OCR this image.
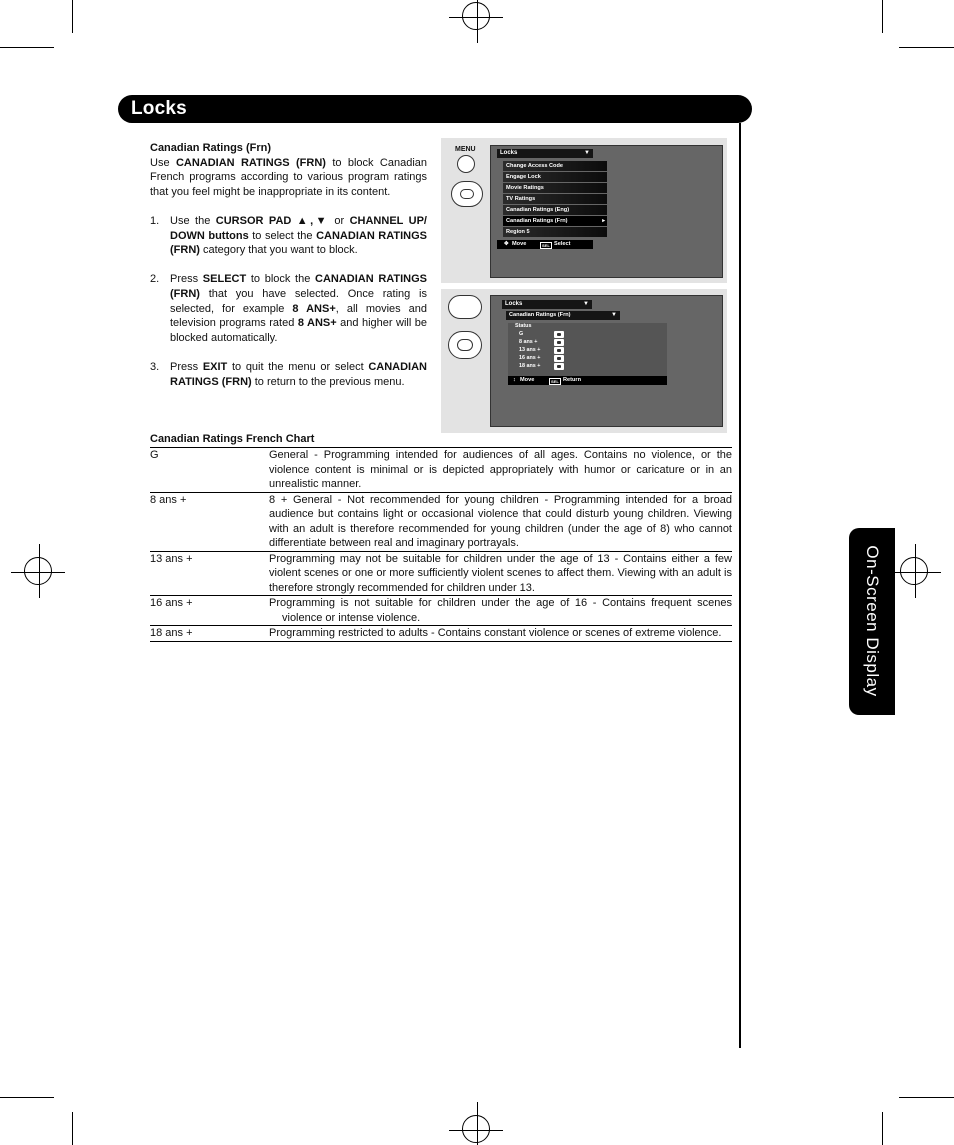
Locks
On-Screen Display
Canadian Ratings (Frn)

Use CANADIAN RATINGS (FRN) to block Canadian French programs according to various program ratings that you feel might be inappropriate in its content.

1. Use the CURSOR PAD ▲,▼ or CHANNEL UP/ DOWN buttons to select the CANADIAN RATINGS (FRN) category that you want to block.
2. Press SELECT to block the CANADIAN RATINGS (FRN) that you have selected. Once rating is selected, for example 8 ANS+, all movies and television programs rated 8 ANS+ and higher will be blocked automatically.
3. Press EXIT to quit the menu or select CANADIAN RATINGS (FRN) to return to the previous menu.
MENU	Locks	▼
Change Access Code
Engage Lock
Movie Ratings
TV Ratings
Canadian Ratings (Eng)
Canadian Ratings (Frn)	▸
Region 5
✥ Move	SEL Select
Locks	▼
Canadian Ratings (Frn)	▼
Status
G
8 ans +
13 ans +
16 ans +
18 ans +
↕ Move	SEL Return
Canadian Ratings French Chart
G	General - Programming intended for audiences of all ages. Contains no violence, or the violence content is minimal or is depicted appropriately with humor or caricature or in an unrealistic manner.
8 ans +	8 + General - Not recommended for young children - Programming intended for a broad audience but contains light or occasional violence that could disturb young children. Viewing with an adult is therefore recommended for young children (under the age of 8) who cannot differentiate between real and imaginary portrayals.
13 ans +	Programming may not be suitable for children under the age of 13 - Contains either a few violent scenes or one or more sufficiently violent scenes to affect them. Viewing with an adult is therefore strongly recommended for children under 13.
16 ans +	Programming is not suitable for children under the age of 16 - Contains frequent scenes violence or intense violence.
18 ans +	Programming restricted to adults - Contains constant violence or scenes of extreme violence.
